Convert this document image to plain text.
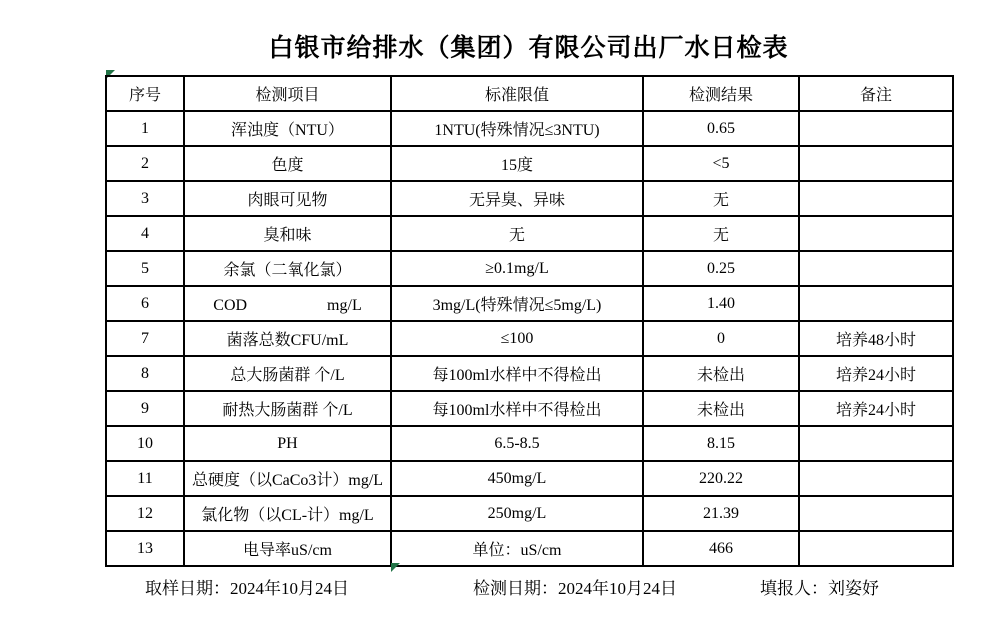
白银市给排水（集团）有限公司出厂水日检表
序号	检测项目	标准限值	检测结果	备注
1	浑浊度（NTU）	1NTU(特殊情况≤3NTU)	0.65	
2	色度	15度	<5	
3	肉眼可见物	无异臭、异味	无	
4	臭和味	无	无	
5	余氯（二氧化氯）	≥0.1mg/L	0.25	
6	COD　　　　　mg/L	3mg/L(特殊情况≤5mg/L)	1.40	
7	菌落总数CFU/mL	≤100	0	培养48小时
8	总大肠菌群 个/L	每100ml水样中不得检出	未检出	培养24小时
9	耐热大肠菌群 个/L	每100ml水样中不得检出	未检出	培养24小时
10	PH	6.5-8.5	8.15	
11	总硬度（以CaCo3计）mg/L	450mg/L	220.22	
12	氯化物（以CL-计）mg/L	250mg/L	21.39	
13	电导率uS/cm	单位：uS/cm	466	
取样日期：2024年10月24日	检测日期：2024年10月24日	填报人：刘姿妤
